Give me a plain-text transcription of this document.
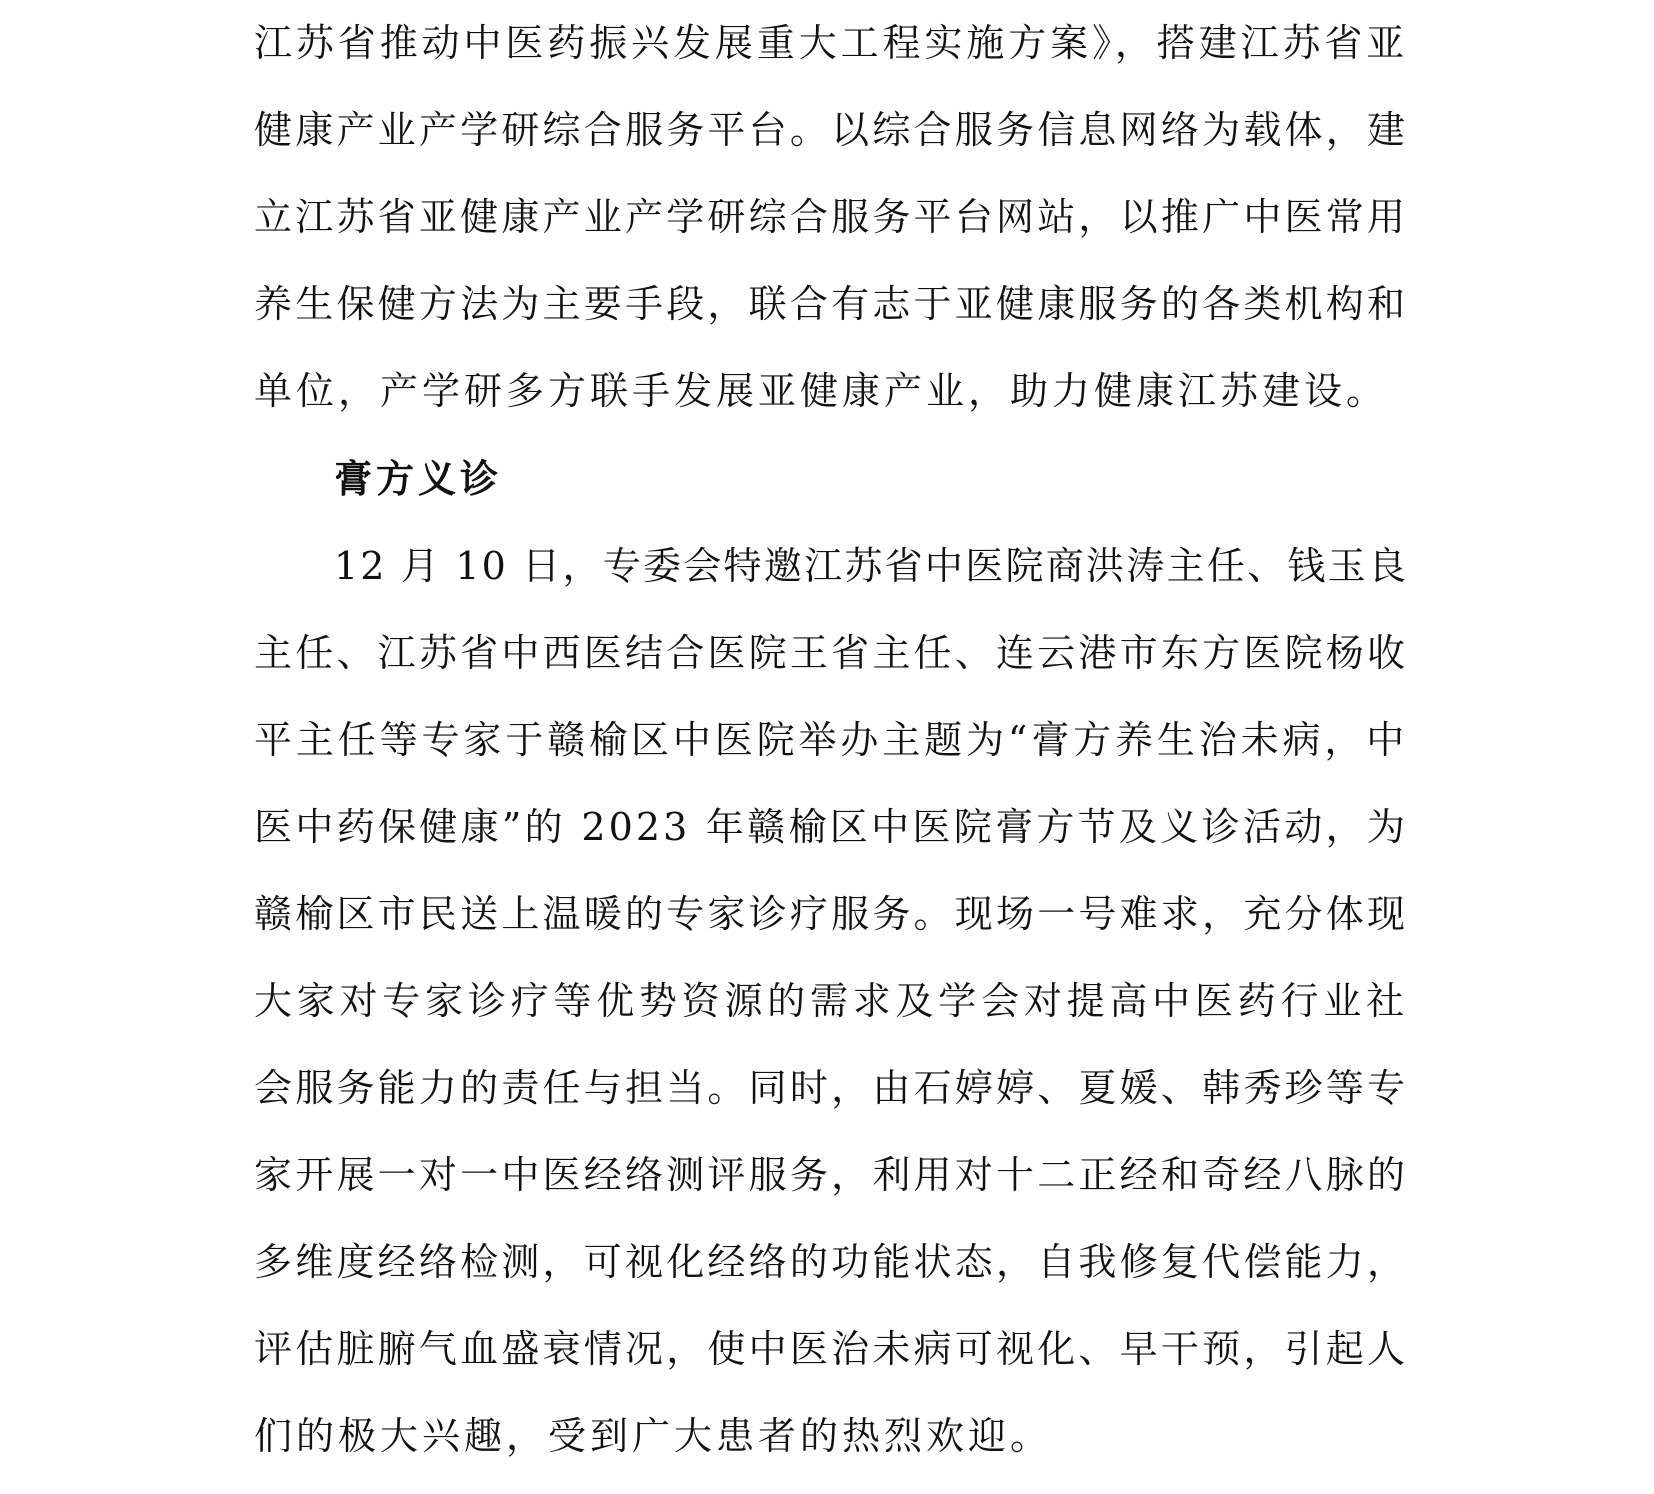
江苏省推动中医药振兴发展重大工程实施方案》，搭建江苏省亚
健康产业产学研综合服务平台。以综合服务信息网络为载体，建
立江苏省亚健康产业产学研综合服务平台网站，以推广中医常用
养生保健方法为主要手段，联合有志于亚健康服务的各类机构和
单位，产学研多方联手发展亚健康产业，助力健康江苏建设。
膏方义诊
12 月 10 日，专委会特邀江苏省中医院商洪涛主任、钱玉良
主任、江苏省中西医结合医院王省主任、连云港市东方医院杨收
平主任等专家于赣榆区中医院举办主题为“膏方养生治未病，中
医中药保健康”的 2023 年赣榆区中医院膏方节及义诊活动，为
赣榆区市民送上温暖的专家诊疗服务。现场一号难求，充分体现
大家对专家诊疗等优势资源的需求及学会对提高中医药行业社
会服务能力的责任与担当。同时，由石婷婷、夏媛、韩秀珍等专
家开展一对一中医经络测评服务，利用对十二正经和奇经八脉的
多维度经络检测，可视化经络的功能状态，自我修复代偿能力，
评估脏腑气血盛衰情况，使中医治未病可视化、早干预，引起人
们的极大兴趣，受到广大患者的热烈欢迎。
